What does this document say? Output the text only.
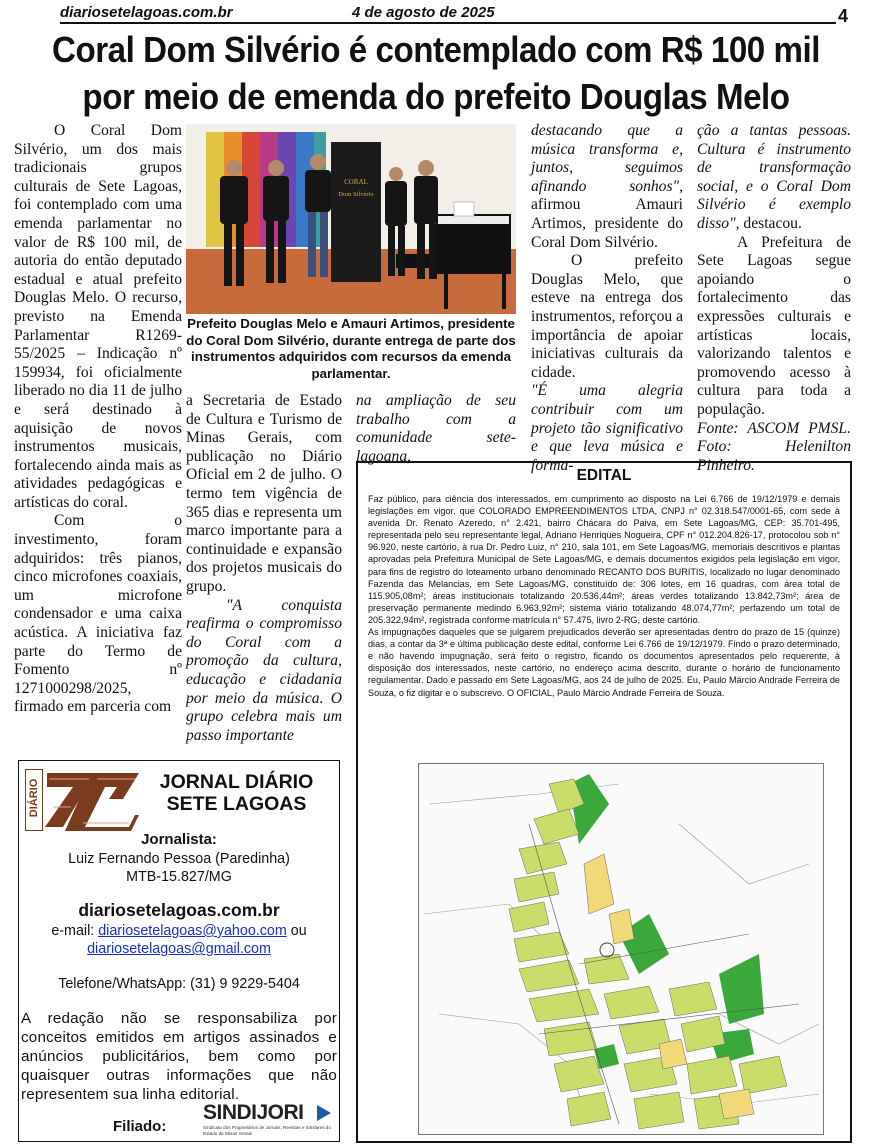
diariosetelagoas.com.br	4 de agosto de 2025	4
Coral Dom Silvério é contemplado com R$ 100 mil
por meio de emenda do prefeito Douglas Melo

O Coral Dom Silvério, um dos mais tradicionais grupos culturais de Sete Lagoas, foi contemplado com uma emenda parlamentar no valor de R$ 100 mil, de autoria do então deputado estadual e atual prefeito Douglas Melo. O recurso, previsto na Emenda Parlamentar R1269-55/2025 – Indicação nº 159934, foi oficialmente liberado no dia 11 de julho e será destinado à aquisição de novos instrumentos musicais, fortalecendo ainda mais as atividades pedagógicas e artísticas do coral.

Com o investimento, foram adquiridos: três pianos, cinco microfones coaxiais, um microfone condensador e uma caixa acústica. A iniciativa faz parte do Termo de Fomento nº 1271000298/2025, firmado em parceria com

CORAL
Dom Silvério
Prefeito Douglas Melo e Amauri Artimos, presidente do Coral Dom Silvério, durante entrega de parte dos instrumentos adquiridos com recursos da emenda parlamentar.

a Secretaria de Estado de Cultura e Turismo de Minas Gerais, com publicação no Diário Oficial em 2 de julho. O termo tem vigência de 365 dias e representa um marco importante para a continuidade e expansão dos projetos musicais do grupo.

"A conquista reafirma o compromisso do Coral com a promoção da cultura, educação e cidadania por meio da música. O grupo celebra mais um passo importante

na ampliação de seu trabalho com a comunidade sete-lagoana,

destacando que a música transforma e, juntos, seguimos afinando sonhos", afirmou Amauri Artimos, presidente do Coral Dom Silvério.

O prefeito Douglas Melo, que esteve na entrega dos instrumentos, reforçou a importância de apoiar iniciativas culturais da cidade.

"É uma alegria contribuir com um projeto tão significativo e que leva música e forma-

ção a tantas pessoas. Cultura é instrumento de transformação social, e o Coral Dom Silvério é exemplo disso", destacou.

A Prefeitura de Sete Lagoas segue apoiando o fortalecimento das expressões culturais e artísticas locais, valorizando talentos e promovendo acesso à cultura para toda a população.

Fonte: ASCOM PMSL. Foto: Helenilton Pinheiro.

EDITAL

Faz público, para ciência dos interessados, em cumprimento ao disposto na Lei 6.766 de 19/12/1979 e demais legislações em vigor, que COLORADO EMPREENDIMENTOS LTDA, CNPJ n° 02.318.547/0001-65, com sede à avenida Dr. Renato Azeredo, n° 2.421, bairro Chácara do Paiva, em Sete Lagoas/MG, CEP: 35.701-495, representada pelo seu representante legal, Adriano Henriques Nogueira, CPF n° 012.204.826-17, protocolou sob n° 96.920, neste cartório, à rua Dr. Pedro Luiz, n° 210, sala 101, em Sete Lagoas/MG, memoriais descritivos e plantas aprovadas pela Prefeitura Municipal de Sete Lagoas/MG, e demais documentos exigidos pela legislação em vigor, para fins de registro do loteamento urbano denominado RECANTO DOS BURITIS, localizado no lugar denominado Fazenda das Melancias, em Sete Lagoas/MG, constituído de: 306 lotes, em 16 quadras, com área total de 115.905,08m²; áreas institucionais totalizando 20.536,44m²; áreas verdes totalizando 13.842,73m²; área de preservação permanente medindo 6.963,92m²; sistema viário totalizando 48.074,77m²; perfazendo um total de 205.322,94m², registrada conforme matrícula n° 57.475, livro 2-RG, deste cartório.

As impugnações daqueles que se julgarem prejudicados deverão ser apresentadas dentro do prazo de 15 (quinze) dias, a contar da 3ª e última publicação deste edital, conforme Lei 6.766 de 19/12/1979. Findo o prazo determinado, e não havendo impugnação, será feito o registro, ficando os documentos apresentados pelo requerente, à disposição dos interessados, neste cartório, no endereço acima descrito, durante o horário de funcionamento regulamentar. Dado e passado em Sete Lagoas/MG, aos 24 de julho de 2025. Eu, Paulo Márcio Andrade Ferreira de Souza, o fiz digitar e o subscrevo. O OFICIAL, Paulo Márcio Andrade Ferreira de Souza.

DIÁRIO	JORNAL DIÁRIO SETE LAGOAS
Jornalista:
Luiz Fernando Pessoa (Paredinha)
MTB-15.827/MG
diariosetelagoas.com.br
e-mail: diariosetelagoas@yahoo.com ou
diariosetelagoas@gmail.com
Telefone/WhatsApp: (31) 9 9229-5404
A redação não se responsabiliza por conceitos emitidos em artigos assinados e anúncios publicitários, bem como por quaisquer outras informações que não representem sua linha editorial.
Filiado:
SINDIJORI
Sindicato dos Proprietários de Jornais, Revistas e Similares do Estado de Minas Gerais
